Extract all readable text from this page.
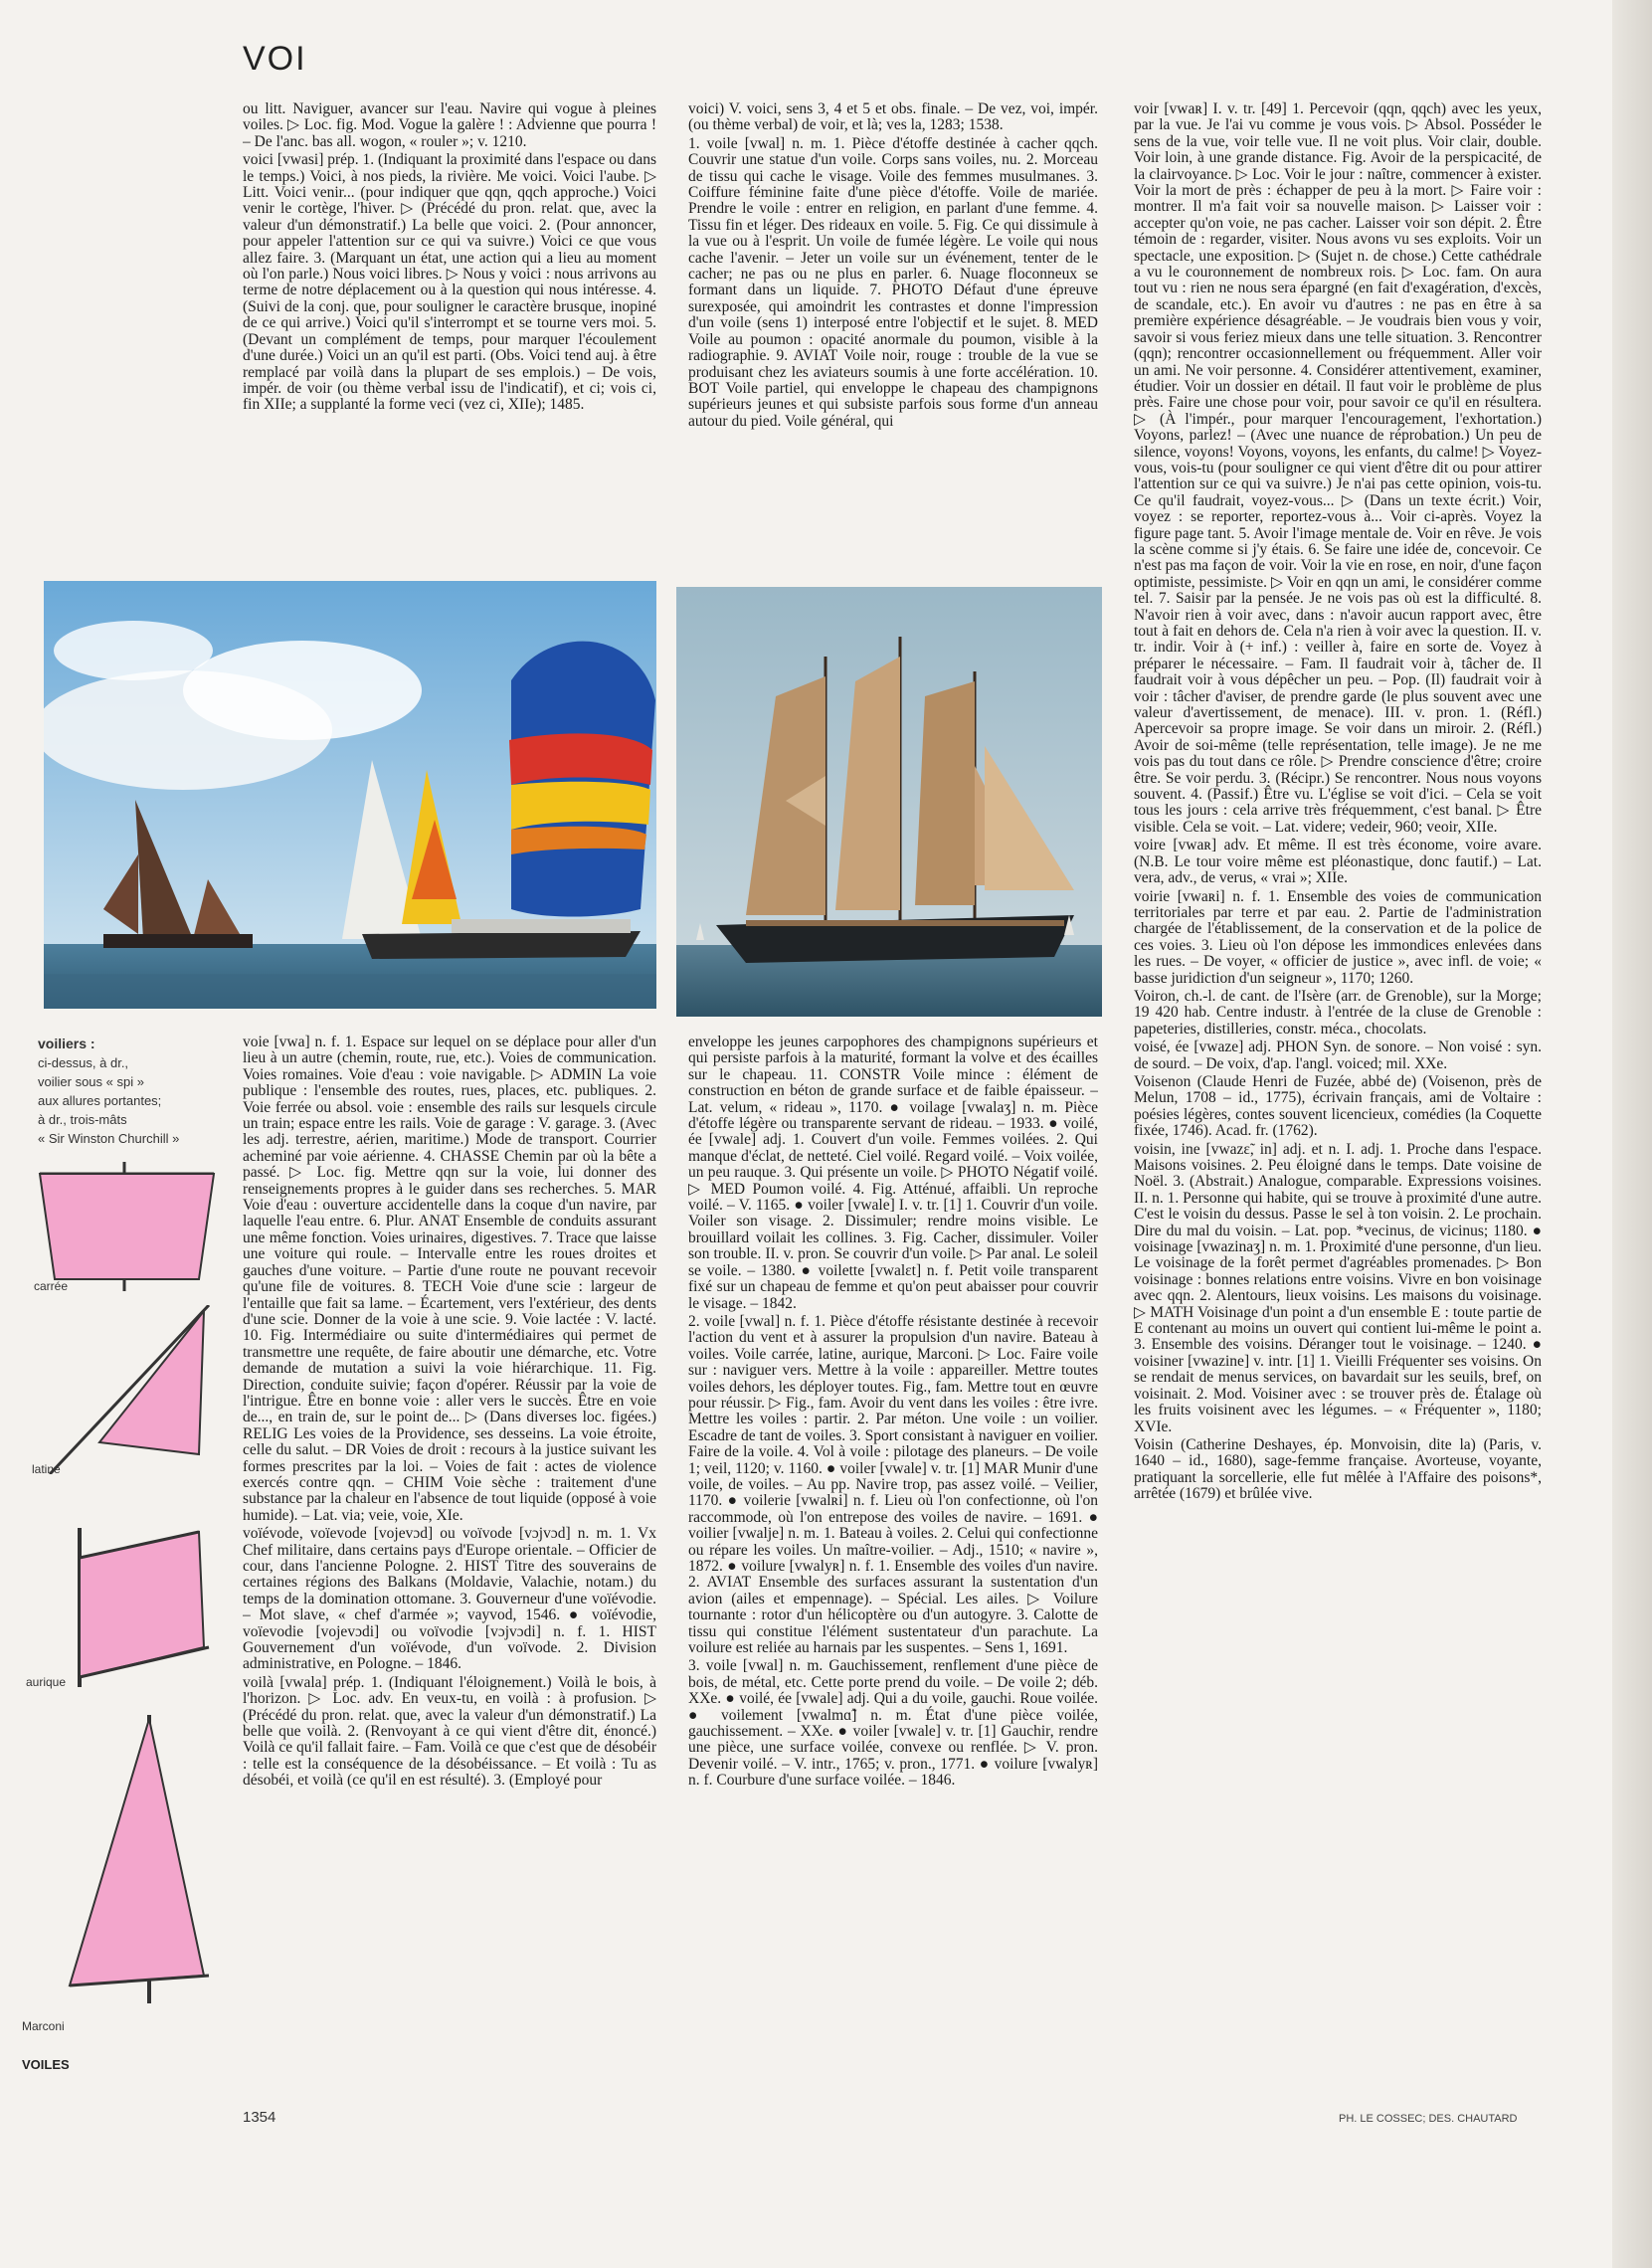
VOI

ou litt. Naviguer, avancer sur l'eau. Navire qui vogue à pleines voiles. ▷ Loc. fig. Mod. Vogue la galère ! : Advienne que pourra ! – De l'anc. bas all. wogon, « rouler »; v. 1210.

voici [vwasi] prép. 1. (Indiquant la proximité dans l'espace ou dans le temps.) Voici, à nos pieds, la rivière. Me voici. Voici l'aube. ▷ Litt. Voici venir... (pour indiquer que qqn, qqch approche.) Voici venir le cortège, l'hiver. ▷ (Précédé du pron. relat. que, avec la valeur d'un démonstratif.) La belle que voici. 2. (Pour annoncer, pour appeler l'attention sur ce qui va suivre.) Voici ce que vous allez faire. 3. (Marquant un état, une action qui a lieu au moment où l'on parle.) Nous voici libres. ▷ Nous y voici : nous arrivons au terme de notre déplacement ou à la question qui nous intéresse. 4. (Suivi de la conj. que, pour souligner le caractère brusque, inopiné de ce qui arrive.) Voici qu'il s'interrompt et se tourne vers moi. 5. (Devant un complément de temps, pour marquer l'écoulement d'une durée.) Voici un an qu'il est parti. (Obs. Voici tend auj. à être remplacé par voilà dans la plupart de ses emplois.) – De vois, impér. de voir (ou thème verbal issu de l'indicatif), et ci; vois ci, fin XIIe; a supplanté la forme veci (vez ci, XIIe); 1485.

voici) V. voici, sens 3, 4 et 5 et obs. finale. – De vez, voi, impér. (ou thème verbal) de voir, et là; ves la, 1283; 1538.

1. voile [vwal] n. m. 1. Pièce d'étoffe destinée à cacher qqch. Couvrir une statue d'un voile. Corps sans voiles, nu. 2. Morceau de tissu qui cache le visage. Voile des femmes musulmanes. 3. Coiffure féminine faite d'une pièce d'étoffe. Voile de mariée. Prendre le voile : entrer en religion, en parlant d'une femme. 4. Tissu fin et léger. Des rideaux en voile. 5. Fig. Ce qui dissimule à la vue ou à l'esprit. Un voile de fumée légère. Le voile qui nous cache l'avenir. – Jeter un voile sur un événement, tenter de le cacher; ne pas ou ne plus en parler. 6. Nuage floconneux se formant dans un liquide. 7. PHOTO Défaut d'une épreuve surexposée, qui amoindrit les contrastes et donne l'impression d'un voile (sens 1) interposé entre l'objectif et le sujet. 8. MED Voile au poumon : opacité anormale du poumon, visible à la radiographie. 9. AVIAT Voile noir, rouge : trouble de la vue se produisant chez les aviateurs soumis à une forte accélération. 10. BOT Voile partiel, qui enveloppe le chapeau des champignons supérieurs jeunes et qui subsiste parfois sous forme d'un anneau autour du pied. Voile général, qui

voir [vwaʀ] I. v. tr. [49] 1. Percevoir (qqn, qqch) avec les yeux, par la vue. Je l'ai vu comme je vous vois. ▷ Absol. Posséder le sens de la vue, voir telle vue. Il ne voit plus. Voir clair, double. Voir loin, à une grande distance. Fig. Avoir de la perspicacité, de la clairvoyance. ▷ Loc. Voir le jour : naître, commencer à exister. Voir la mort de près : échapper de peu à la mort. ▷ Faire voir : montrer. Il m'a fait voir sa nouvelle maison. ▷ Laisser voir : accepter qu'on voie, ne pas cacher. Laisser voir son dépit. 2. Être témoin de : regarder, visiter. Nous avons vu ses exploits. Voir un spectacle, une exposition. ▷ (Sujet n. de chose.) Cette cathédrale a vu le couronnement de nombreux rois. ▷ Loc. fam. On aura tout vu : rien ne nous sera épargné (en fait d'exagération, d'excès, de scandale, etc.). En avoir vu d'autres : ne pas en être à sa première expérience désagréable. – Je voudrais bien vous y voir, savoir si vous feriez mieux dans une telle situation. 3. Rencontrer (qqn); rencontrer occasionnellement ou fréquemment. Aller voir un ami. Ne voir personne. 4. Considérer attentivement, examiner, étudier. Voir un dossier en détail. Il faut voir le problème de plus près. Faire une chose pour voir, pour savoir ce qu'il en résultera. ▷ (À l'impér., pour marquer l'encouragement, l'exhortation.) Voyons, parlez! – (Avec une nuance de réprobation.) Un peu de silence, voyons! Voyons, voyons, les enfants, du calme! ▷ Voyez-vous, vois-tu (pour souligner ce qui vient d'être dit ou pour attirer l'attention sur ce qui va suivre.) Je n'ai pas cette opinion, vois-tu. Ce qu'il faudrait, voyez-vous... ▷ (Dans un texte écrit.) Voir, voyez : se reporter, reportez-vous à... Voir ci-après. Voyez la figure page tant. 5. Avoir l'image mentale de. Voir en rêve. Je vois la scène comme si j'y étais. 6. Se faire une idée de, concevoir. Ce n'est pas ma façon de voir. Voir la vie en rose, en noir, d'une façon optimiste, pessimiste. ▷ Voir en qqn un ami, le considérer comme tel. 7. Saisir par la pensée. Je ne vois pas où est la difficulté. 8. N'avoir rien à voir avec, dans : n'avoir aucun rapport avec, être tout à fait en dehors de. Cela n'a rien à voir avec la question. II. v. tr. indir. Voir à (+ inf.) : veiller à, faire en sorte de. Voyez à préparer le nécessaire. – Fam. Il faudrait voir à, tâcher de. Il faudrait voir à vous dépêcher un peu. – Pop. (Il) faudrait voir à voir : tâcher d'aviser, de prendre garde (le plus souvent avec une valeur d'avertissement, de menace). III. v. pron. 1. (Réfl.) Apercevoir sa propre image. Se voir dans un miroir. 2. (Réfl.) Avoir de soi-même (telle représentation, telle image). Je ne me vois pas du tout dans ce rôle. ▷ Prendre conscience d'être; croire être. Se voir perdu. 3. (Récipr.) Se rencontrer. Nous nous voyons souvent. 4. (Passif.) Être vu. L'église se voit d'ici. – Cela se voit tous les jours : cela arrive très fréquemment, c'est banal. ▷ Être visible. Cela se voit. – Lat. videre; vedeir, 960; veoir, XIIe.

voire [vwaʀ] adv. Et même. Il est très économe, voire avare. (N.B. Le tour voire même est pléonastique, donc fautif.) – Lat. vera, adv., de verus, « vrai »; XIIe.

voirie [vwaʀi] n. f. 1. Ensemble des voies de communication territoriales par terre et par eau. 2. Partie de l'administration chargée de l'établissement, de la conservation et de la police de ces voies. 3. Lieu où l'on dépose les immondices enlevées dans les rues. – De voyer, « officier de justice », avec infl. de voie; « basse juridiction d'un seigneur », 1170; 1260.

Voiron, ch.-l. de cant. de l'Isère (arr. de Grenoble), sur la Morge; 19 420 hab. Centre industr. à l'entrée de la cluse de Grenoble : papeteries, distilleries, constr. méca., chocolats.

voisé, ée [vwaze] adj. PHON Syn. de sonore. – Non voisé : syn. de sourd. – De voix, d'ap. l'angl. voiced; mil. XXe.

Voisenon (Claude Henri de Fuzée, abbé de) (Voisenon, près de Melun, 1708 – id., 1775), écrivain français, ami de Voltaire : poésies légères, contes souvent licencieux, comédies (la Coquette fixée, 1746). Acad. fr. (1762).

voisin, ine [vwazɛ̃, in] adj. et n. I. adj. 1. Proche dans l'espace. Maisons voisines. 2. Peu éloigné dans le temps. Date voisine de Noël. 3. (Abstrait.) Analogue, comparable. Expressions voisines. II. n. 1. Personne qui habite, qui se trouve à proximité d'une autre. C'est le voisin du dessus. Passe le sel à ton voisin. 2. Le prochain. Dire du mal du voisin. – Lat. pop. *vecinus, de vicinus; 1180. ● voisinage [vwazinaʒ] n. m. 1. Proximité d'une personne, d'un lieu. Le voisinage de la forêt permet d'agréables promenades. ▷ Bon voisinage : bonnes relations entre voisins. Vivre en bon voisinage avec qqn. 2. Alentours, lieux voisins. Les maisons du voisinage. ▷ MATH Voisinage d'un point a d'un ensemble E : toute partie de E contenant au moins un ouvert qui contient lui-même le point a. 3. Ensemble des voisins. Déranger tout le voisinage. – 1240. ● voisiner [vwazine] v. intr. [1] 1. Vieilli Fréquenter ses voisins. On se rendait de menus services, on bavardait sur les seuils, bref, on voisinait. 2. Mod. Voisiner avec : se trouver près de. Étalage où les fruits voisinent avec les légumes. – « Fréquenter », 1180; XVIe.

Voisin (Catherine Deshayes, ép. Monvoisin, dite la) (Paris, v. 1640 – id., 1680), sage-femme française. Avorteuse, voyante, pratiquant la sorcellerie, elle fut mêlée à l'Affaire des poisons*, arrêtée (1679) et brûlée vive.

voiliers :
ci-dessus, à dr.,
voilier sous « spi »
aux allures portantes;
à dr., trois-mâts
« Sir Winston Churchill »
carrée
latine
aurique
Marconi
VOILES

voie [vwa] n. f. 1. Espace sur lequel on se déplace pour aller d'un lieu à un autre (chemin, route, rue, etc.). Voies de communication. Voies romaines. Voie d'eau : voie navigable. ▷ ADMIN La voie publique : l'ensemble des routes, rues, places, etc. publiques. 2. Voie ferrée ou absol. voie : ensemble des rails sur lesquels circule un train; espace entre les rails. Voie de garage : V. garage. 3. (Avec les adj. terrestre, aérien, maritime.) Mode de transport. Courrier acheminé par voie aérienne. 4. CHASSE Chemin par où la bête a passé. ▷ Loc. fig. Mettre qqn sur la voie, lui donner des renseignements propres à le guider dans ses recherches. 5. MAR Voie d'eau : ouverture accidentelle dans la coque d'un navire, par laquelle l'eau entre. 6. Plur. ANAT Ensemble de conduits assurant une même fonction. Voies urinaires, digestives. 7. Trace que laisse une voiture qui roule. – Intervalle entre les roues droites et gauches d'une voiture. – Partie d'une route ne pouvant recevoir qu'une file de voitures. 8. TECH Voie d'une scie : largeur de l'entaille que fait sa lame. – Écartement, vers l'extérieur, des dents d'une scie. Donner de la voie à une scie. 9. Voie lactée : V. lacté. 10. Fig. Intermédiaire ou suite d'intermédiaires qui permet de transmettre une requête, de faire aboutir une démarche, etc. Votre demande de mutation a suivi la voie hiérarchique. 11. Fig. Direction, conduite suivie; façon d'opérer. Réussir par la voie de l'intrigue. Être en bonne voie : aller vers le succès. Être en voie de..., en train de, sur le point de... ▷ (Dans diverses loc. figées.) RELIG Les voies de la Providence, ses desseins. La voie étroite, celle du salut. – DR Voies de droit : recours à la justice suivant les formes prescrites par la loi. – Voies de fait : actes de violence exercés contre qqn. – CHIM Voie sèche : traitement d'une substance par la chaleur en l'absence de tout liquide (opposé à voie humide). – Lat. via; veie, voie, XIe.

voïévode, voïevode [vojevɔd] ou voïvode [vɔjvɔd] n. m. 1. Vx Chef militaire, dans certains pays d'Europe orientale. – Officier de cour, dans l'ancienne Pologne. 2. HIST Titre des souverains de certaines régions des Balkans (Moldavie, Valachie, notam.) du temps de la domination ottomane. 3. Gouverneur d'une voïévodie. – Mot slave, « chef d'armée »; vayvod, 1546. ● voïévodie, voïevodie [vojevɔdi] ou voïvodie [vɔjvɔdi] n. f. 1. HIST Gouvernement d'un voïévode, d'un voïvode. 2. Division administrative, en Pologne. – 1846.

voilà [vwala] prép. 1. (Indiquant l'éloignement.) Voilà le bois, à l'horizon. ▷ Loc. adv. En veux-tu, en voilà : à profusion. ▷ (Précédé du pron. relat. que, avec la valeur d'un démonstratif.) La belle que voilà. 2. (Renvoyant à ce qui vient d'être dit, énoncé.) Voilà ce qu'il fallait faire. – Fam. Voilà ce que c'est que de désobéir : telle est la conséquence de la désobéissance. – Et voilà : Tu as désobéi, et voilà (ce qu'il en est résulté). 3. (Employé pour

enveloppe les jeunes carpophores des champignons supérieurs et qui persiste parfois à la maturité, formant la volve et des écailles sur le chapeau. 11. CONSTR Voile mince : élément de construction en béton de grande surface et de faible épaisseur. – Lat. velum, « rideau », 1170. ● voilage [vwalaʒ] n. m. Pièce d'étoffe légère ou transparente servant de rideau. – 1933. ● voilé, ée [vwale] adj. 1. Couvert d'un voile. Femmes voilées. 2. Qui manque d'éclat, de netteté. Ciel voilé. Regard voilé. – Voix voilée, un peu rauque. 3. Qui présente un voile. ▷ PHOTO Négatif voilé. ▷ MED Poumon voilé. 4. Fig. Atténué, affaibli. Un reproche voilé. – V. 1165. ● voiler [vwale] I. v. tr. [1] 1. Couvrir d'un voile. Voiler son visage. 2. Dissimuler; rendre moins visible. Le brouillard voilait les collines. 3. Fig. Cacher, dissimuler. Voiler son trouble. II. v. pron. Se couvrir d'un voile. ▷ Par anal. Le soleil se voile. – 1380. ● voilette [vwalɛt] n. f. Petit voile transparent fixé sur un chapeau de femme et qu'on peut abaisser pour couvrir le visage. – 1842.

2. voile [vwal] n. f. 1. Pièce d'étoffe résistante destinée à recevoir l'action du vent et à assurer la propulsion d'un navire. Bateau à voiles. Voile carrée, latine, aurique, Marconi. ▷ Loc. Faire voile sur : naviguer vers. Mettre à la voile : appareiller. Mettre toutes voiles dehors, les déployer toutes. Fig., fam. Mettre tout en œuvre pour réussir. ▷ Fig., fam. Avoir du vent dans les voiles : être ivre. Mettre les voiles : partir. 2. Par méton. Une voile : un voilier. Escadre de tant de voiles. 3. Sport consistant à naviguer en voilier. Faire de la voile. 4. Vol à voile : pilotage des planeurs. – De voile 1; veil, 1120; v. 1160. ● voiler [vwale] v. tr. [1] MAR Munir d'une voile, de voiles. – Au pp. Navire trop, pas assez voilé. – Veilier, 1170. ● voilerie [vwalʀi] n. f. Lieu où l'on confectionne, où l'on raccommode, où l'on entrepose des voiles de navire. – 1691. ● voilier [vwalje] n. m. 1. Bateau à voiles. 2. Celui qui confectionne ou répare les voiles. Un maître-voilier. – Adj., 1510; « navire », 1872. ● voilure [vwalyʀ] n. f. 1. Ensemble des voiles d'un navire. 2. AVIAT Ensemble des surfaces assurant la sustentation d'un avion (ailes et empennage). – Spécial. Les ailes. ▷ Voilure tournante : rotor d'un hélicoptère ou d'un autogyre. 3. Calotte de tissu qui constitue l'élément sustentateur d'un parachute. La voilure est reliée au harnais par les suspentes. – Sens 1, 1691.

3. voile [vwal] n. m. Gauchissement, renflement d'une pièce de bois, de métal, etc. Cette porte prend du voile. – De voile 2; déb. XXe. ● voilé, ée [vwale] adj. Qui a du voile, gauchi. Roue voilée. ● voilement [vwalmɑ̃] n. m. État d'une pièce voilée, gauchissement. – XXe. ● voiler [vwale] v. tr. [1] Gauchir, rendre une pièce, une surface voilée, convexe ou renflée. ▷ V. pron. Devenir voilé. – V. intr., 1765; v. pron., 1771. ● voilure [vwalyʀ] n. f. Courbure d'une surface voilée. – 1846.

1354	PH. LE COSSEC; DES. CHAUTARD
